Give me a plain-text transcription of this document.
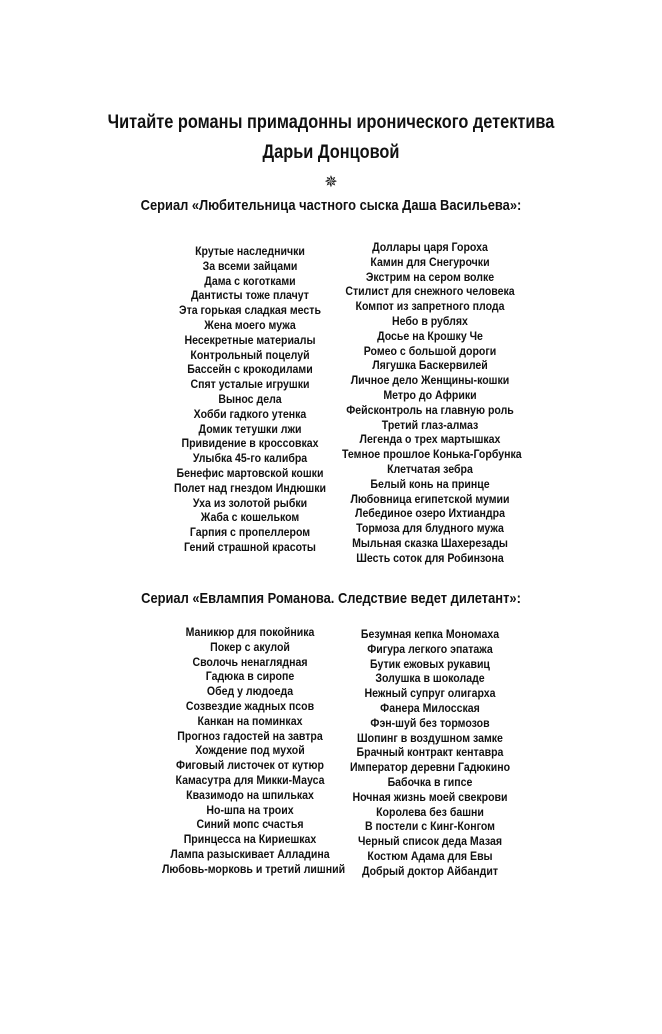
Читайте романы примадонны иронического детектива
Дарьи Донцовой
✵
Сериал «Любительница частного сыска Даша Васильева»:
Крутые наследнички
За всеми зайцами
Дама с коготками
Дантисты тоже плачут
Эта горькая сладкая месть
Жена моего мужа
Несекретные материалы
Контрольный поцелуй
Бассейн с крокодилами
Спят усталые игрушки
Вынос дела
Хобби гадкого утенка
Домик тетушки лжи
Привидение в кроссовках
Улыбка 45-го калибра
Бенефис мартовской кошки
Полет над гнездом Индюшки
Уха из золотой рыбки
Жаба с кошельком
Гарпия с пропеллером
Гений страшной красоты
Доллары царя Гороха
Камин для Снегурочки
Экстрим на сером волке
Стилист для снежного человека
Компот из запретного плода
Небо в рублях
Досье на Крошку Че
Ромео с большой дороги
Лягушка Баскервилей
Личное дело Женщины-кошки
Метро до Африки
Фейсконтроль на главную роль
Третий глаз-алмаз
Легенда о трех мартышках
Темное прошлое Конька-Горбунка
Клетчатая зебра
Белый конь на принце
Любовница египетской мумии
Лебединое озеро Ихтиандра
Тормоза для блудного мужа
Мыльная сказка Шахерезады
Шесть соток для Робинзона
Сериал «Евлампия Романова. Следствие ведет дилетант»:
Маникюр для покойника
Покер с акулой
Сволочь ненаглядная
Гадюка в сиропе
Обед у людоеда
Созвездие жадных псов
Канкан на поминках
Прогноз гадостей на завтра
Хождение под мухой
Фиговый листочек от кутюр
Камасутра для Микки-Мауса
Квазимодо на шпильках
Но-шпа на троих
Синий мопс счастья
Принцесса на Кириешках
Лампа разыскивает Алладина
Любовь-морковь и третий лишний
Безумная кепка Мономаха
Фигура легкого эпатажа
Бутик ежовых рукавиц
Золушка в шоколаде
Нежный супруг олигарха
Фанера Милосская
Фэн-шуй без тормозов
Шопинг в воздушном замке
Брачный контракт кентавра
Император деревни Гадюкино
Бабочка в гипсе
Ночная жизнь моей свекрови
Королева без башни
В постели с Кинг-Конгом
Черный список деда Мазая
Костюм Адама для Евы
Добрый доктор Айбандит
